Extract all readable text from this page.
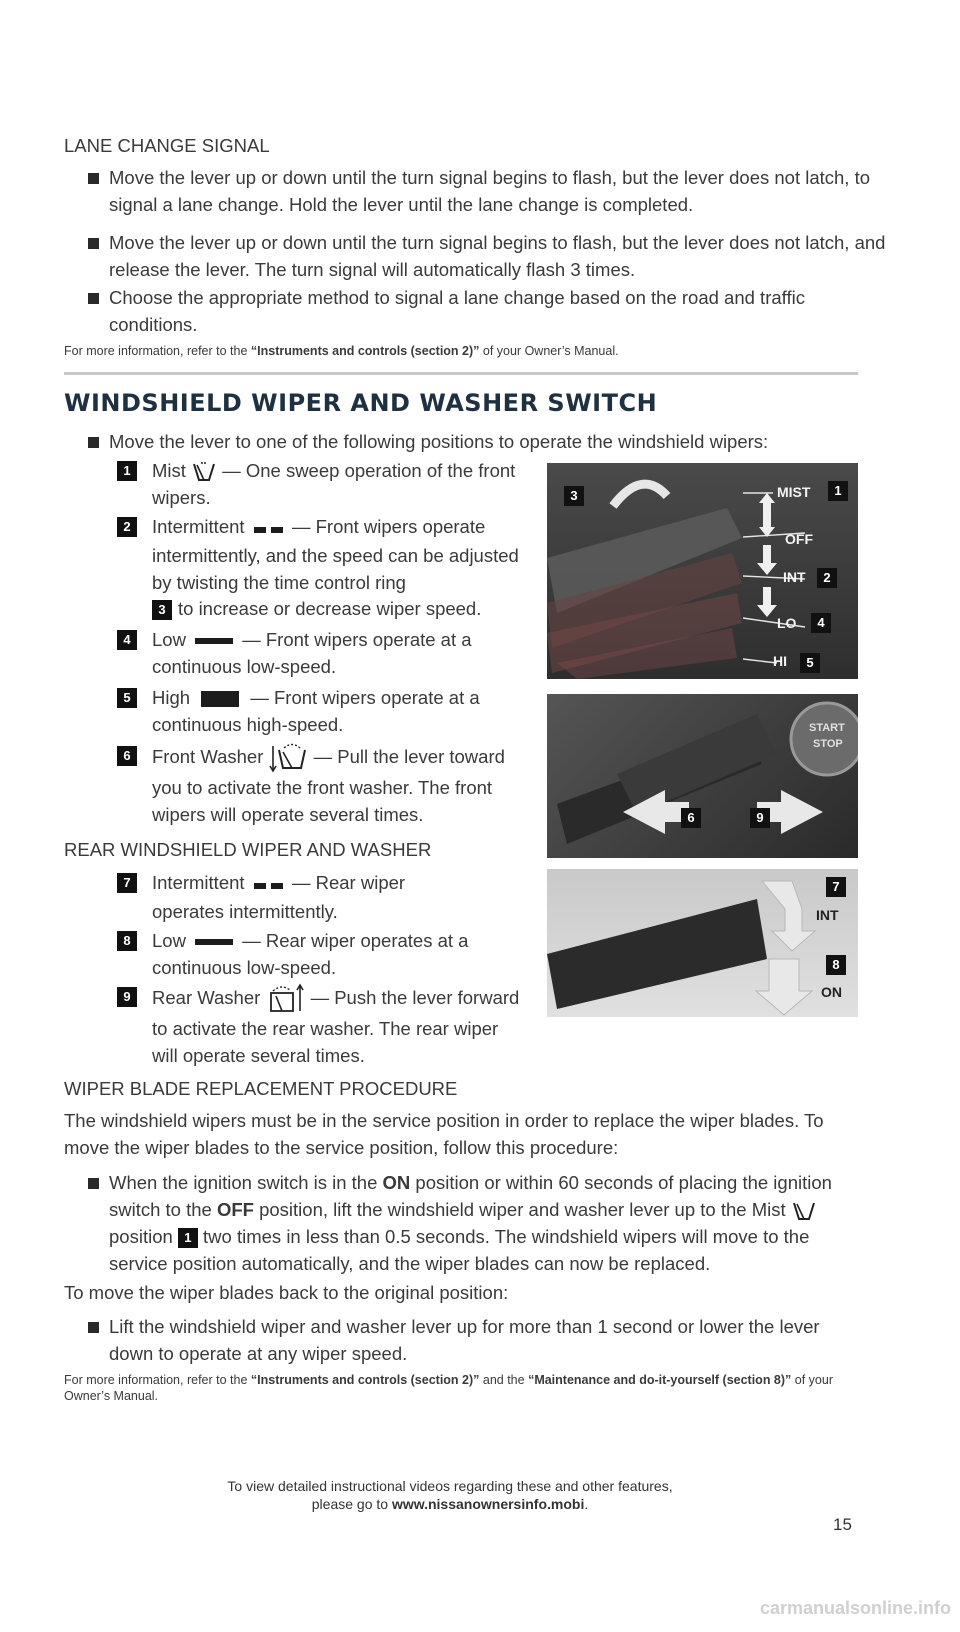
LANE CHANGE SIGNAL
Move the lever up or down until the turn signal begins to flash, but the lever does not latch, to signal a lane change. Hold the lever until the lane change is completed.
Move the lever up or down until the turn signal begins to flash, but the lever does not latch, and release the lever. The turn signal will automatically flash 3 times.
Choose the appropriate method to signal a lane change based on the road and traffic conditions.
For more information, refer to the “Instruments and controls (section 2)” of your Owner’s Manual.
WINDSHIELD WIPER AND WASHER SWITCH
Move the lever to one of the following positions to operate the windshield wipers:
1	Mist — One sweep operation of the front wipers.
2	Intermittent	— Front wipers operate intermittently, and the speed can be adjusted by twisting the time control ring
3 to increase or decrease wiper speed.
4	Low	— Front wipers operate at a continuous low-speed.
5	High	— Front wipers operate at a continuous high-speed.
6	Front Washer	— Pull the lever toward you to activate the front washer. The front wipers will operate several times.
REAR WINDSHIELD WIPER AND WASHER
7	Intermittent	— Rear wiper operates intermittently.
8	Low	— Rear wiper operates at a continuous low-speed.
9	Rear Washer	— Push the lever forward to activate the rear washer. The rear wiper will operate several times.
3	MIST	1
OFF
INT	2
LO	4
HI	5
START
STOP
6	9
7
INT
8
ON
WIPER BLADE REPLACEMENT PROCEDURE
The windshield wipers must be in the service position in order to replace the wiper blades. To move the wiper blades to the service position, follow this procedure:
When the ignition switch is in the ON position or within 60 seconds of placing the ignition switch to the OFF position, lift the windshield wiper and washer lever up to the Mist  position 1 two times in less than 0.5 seconds. The windshield wipers will move to the service position automatically, and the wiper blades can now be replaced.
To move the wiper blades back to the original position:
Lift the windshield wiper and washer lever up for more than 1 second or lower the lever down to operate at any wiper speed.
For more information, refer to the “Instruments and controls (section 2)” and the “Maintenance and do-it-yourself (section 8)” of your Owner’s Manual.
To view detailed instructional videos regarding these and other features,
please go to www.nissanownersinfo.mobi.
15
carmanualsonline.info
